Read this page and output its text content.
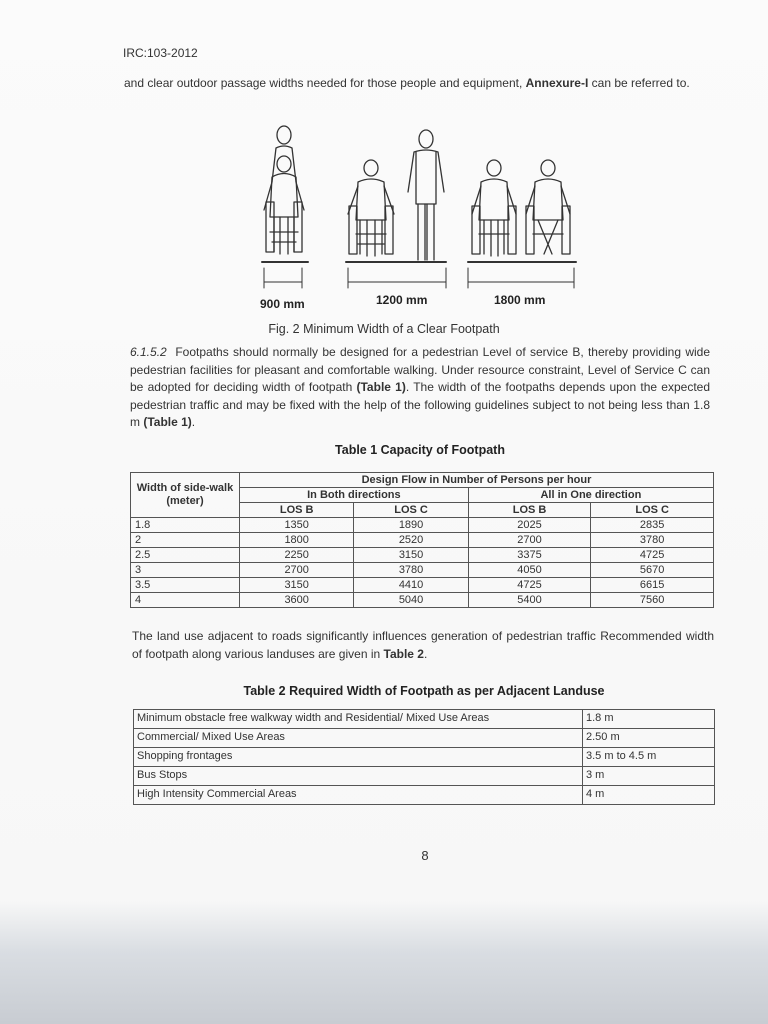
IRC:103-2012
and clear outdoor passage widths needed for those people and equipment, Annexure-I can be referred to.
900 mm	1200 mm	1800 mm
Fig. 2 Minimum Width of a Clear Footpath
6.1.5.2 Footpaths should normally be designed for a pedestrian Level of service B, thereby providing wide pedestrian facilities for pleasant and comfortable walking. Under resource constraint, Level of Service C can be adopted for deciding width of footpath (Table 1). The width of the footpaths depends upon the expected pedestrian traffic and may be fixed with the help of the following guidelines subject to not being less than 1.8 m (Table 1).
Table 1 Capacity of Footpath
Width of side-walk (meter)	Design Flow in Number of Persons per hour			
	In Both directions		All in One direction	
	LOS B	LOS C	LOS B	LOS C
1.8	1350	1890	2025	2835
2	1800	2520	2700	3780
2.5	2250	3150	3375	4725
3	2700	3780	4050	5670
3.5	3150	4410	4725	6615
4	3600	5040	5400	7560
The land use adjacent to roads significantly influences generation of pedestrian traffic Recommended width of footpath along various landuses are given in Table 2.
Table 2 Required Width of Footpath as per Adjacent Landuse
Minimum obstacle free walkway width and Residential/ Mixed Use Areas	1.8 m
Commercial/ Mixed Use Areas	2.50 m
Shopping frontages	3.5 m to 4.5 m
Bus Stops	3 m
High Intensity Commercial Areas	4 m
8
